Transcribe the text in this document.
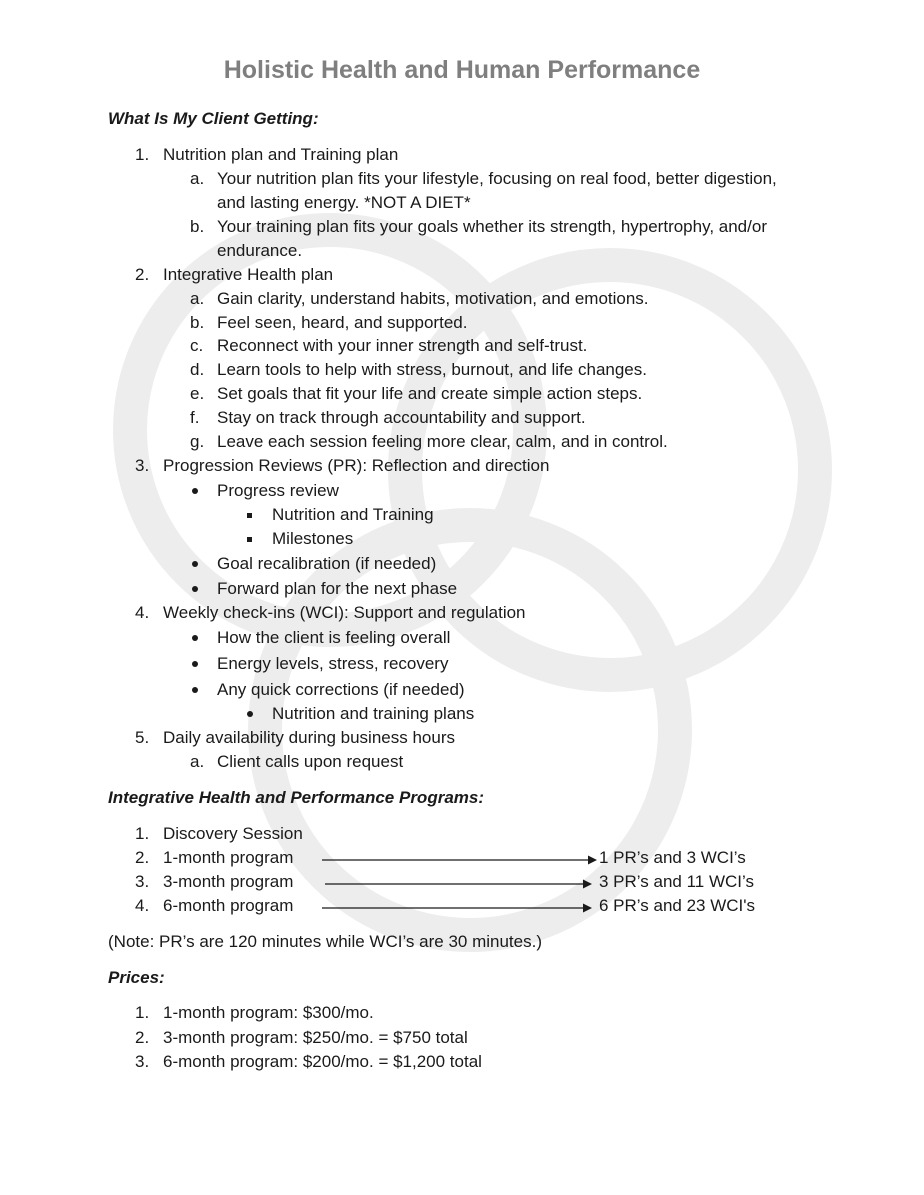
Holistic Health and Human Performance
What Is My Client Getting:
1. Nutrition plan and Training plan
a. Your nutrition plan fits your lifestyle, focusing on real food, better digestion,
and lasting energy. *NOT A DIET*
b. Your training plan fits your goals whether its strength, hypertrophy, and/or
endurance.
2. Integrative Health plan
a. Gain clarity, understand habits, motivation, and emotions.
b. Feel seen, heard, and supported.
c. Reconnect with your inner strength and self-trust.
d. Learn tools to help with stress, burnout, and life changes.
e. Set goals that fit your life and create simple action steps.
f. Stay on track through accountability and support.
g. Leave each session feeling more clear, calm, and in control.
3. Progression Reviews (PR): Reflection and direction
Progress review
Nutrition and Training
Milestones
Goal recalibration (if needed)
Forward plan for the next phase
4. Weekly check-ins (WCI): Support and regulation
How the client is feeling overall
Energy levels, stress, recovery
Any quick corrections (if needed)
Nutrition and training plans
5. Daily availability during business hours
a. Client calls upon request
Integrative Health and Performance Programs:
1. Discovery Session
2. 1-month program	1 PR’s and 3 WCI’s
3. 3-month program	3 PR’s and 11 WCI’s
4. 6-month program	6 PR’s and 23 WCI's
(Note: PR’s are 120 minutes while WCI’s are 30 minutes.)
Prices:
1. 1-month program: $300/mo.
2. 3-month program: $250/mo. = $750 total
3. 6-month program: $200/mo. = $1,200 total
